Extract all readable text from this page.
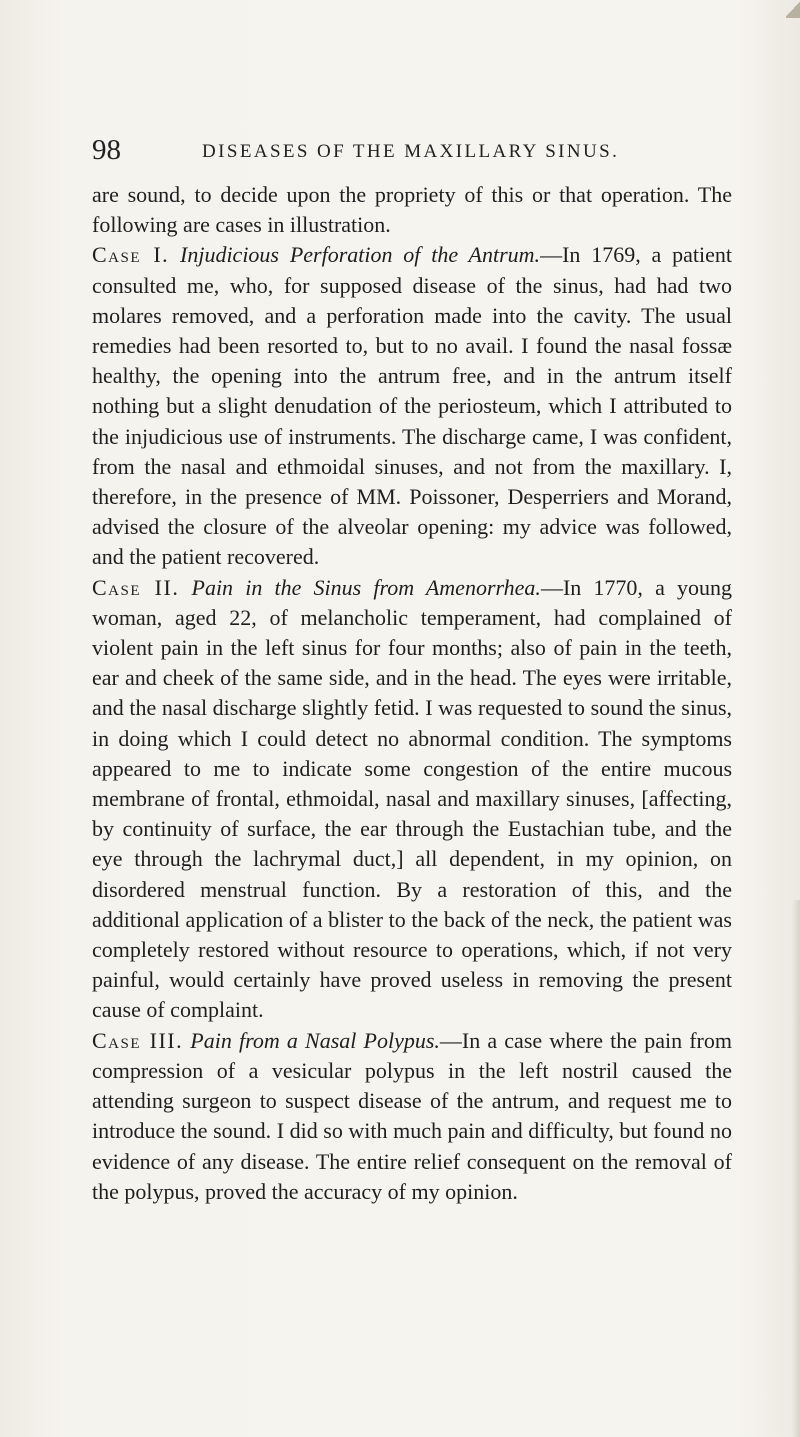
98	DISEASES OF THE MAXILLARY SINUS.

are sound, to decide upon the propriety of this or that operation. The following are cases in illustration.

Case I. Injudicious Perforation of the Antrum.—In 1769, a patient consulted me, who, for supposed disease of the sinus, had had two molares removed, and a perforation made into the cavity. The usual remedies had been resorted to, but to no avail. I found the nasal fossæ healthy, the opening into the antrum free, and in the antrum itself nothing but a slight denudation of the periosteum, which I attributed to the injudicious use of instruments. The discharge came, I was confident, from the nasal and ethmoidal sinuses, and not from the maxillary. I, therefore, in the presence of MM. Poissoner, Desperriers and Morand, advised the closure of the alveolar opening: my advice was followed, and the patient recovered.

Case II. Pain in the Sinus from Amenorrhea.—In 1770, a young woman, aged 22, of melancholic temperament, had complained of violent pain in the left sinus for four months; also of pain in the teeth, ear and cheek of the same side, and in the head. The eyes were irritable, and the nasal discharge slightly fetid. I was requested to sound the sinus, in doing which I could detect no abnormal condition. The symptoms appeared to me to indicate some congestion of the entire mucous membrane of frontal, ethmoidal, nasal and maxillary sinuses, [affecting, by continuity of surface, the ear through the Eustachian tube, and the eye through the lachrymal duct,] all dependent, in my opinion, on disordered menstrual function. By a restoration of this, and the additional application of a blister to the back of the neck, the patient was completely restored without resource to operations, which, if not very painful, would certainly have proved useless in removing the present cause of complaint.

Case III. Pain from a Nasal Polypus.—In a case where the pain from compression of a vesicular polypus in the left nostril caused the attending surgeon to suspect disease of the antrum, and request me to introduce the sound. I did so with much pain and difficulty, but found no evidence of any disease. The entire relief consequent on the removal of the polypus, proved the accuracy of my opinion.
